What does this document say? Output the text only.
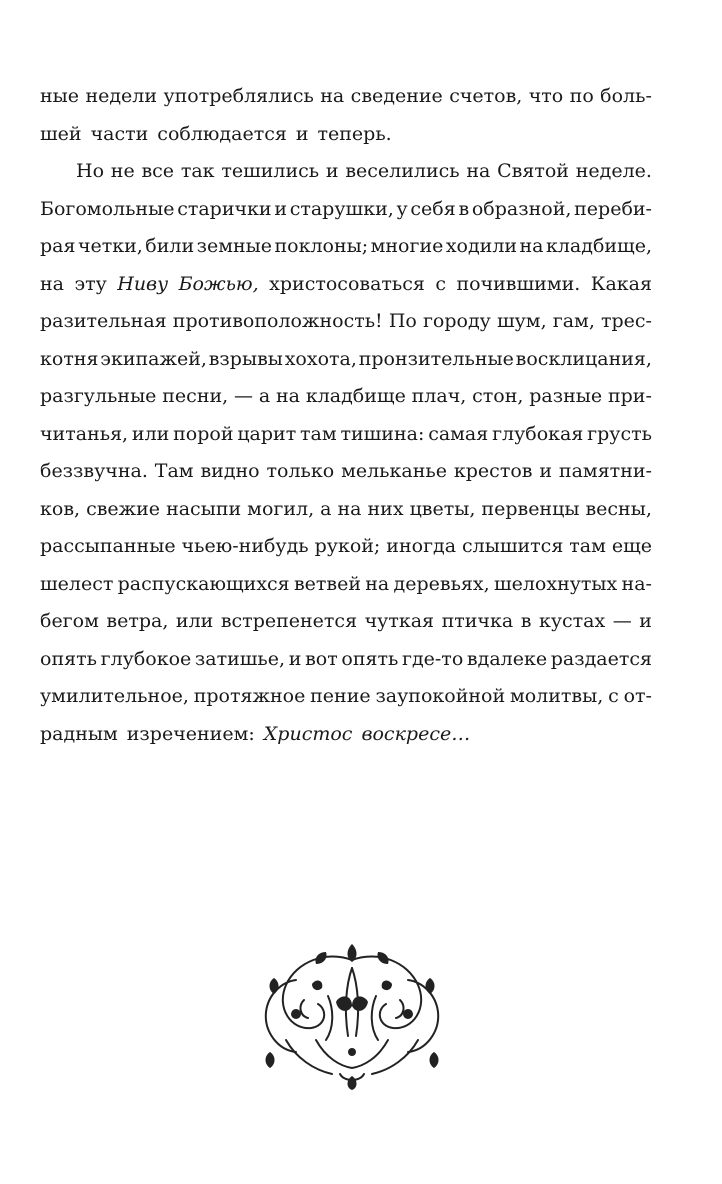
ные недели употреблялись на сведение счетов, что по боль-
шей части соблюдается и теперь.
Но не все так тешились и веселились на Святой неделе.
Богомольные старички и старушки, у себя в образной, переби-
рая четки, били земные поклоны; многие ходили на кладбище,
на эту Ниву Божью, христосоваться с почившими. Какая
разительная противоположность! По городу шум, гам, трес-
котня экипажей, взрывы хохота, пронзительные восклицания,
разгульные песни, — а на кладбище плач, стон, разные при-
читанья, или порой царит там тишина: самая глубокая грусть
беззвучна. Там видно только мельканье крестов и памятни-
ков, свежие насыпи могил, а на них цветы, первенцы весны,
рассыпанные чьею-нибудь рукой; иногда слышится там еще
шелест распускающихся ветвей на деревьях, шелохнутых на-
бегом ветра, или встрепенется чуткая птичка в кустах — и
опять глубокое затишье, и вот опять где-то вдалеке раздается
умилительное, протяжное пение заупокойной молитвы, с от-
радным изречением: Христос воскресе…
